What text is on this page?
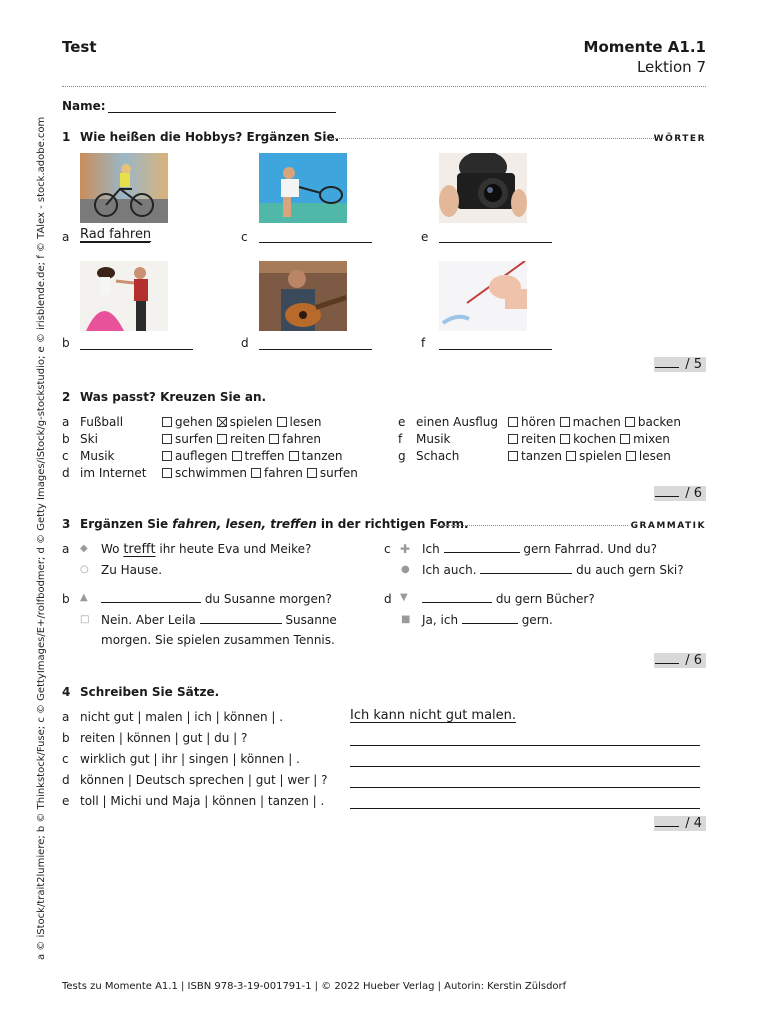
Test	Momente A1.1
Lektion 7
Name:
1 Wie heißen die Hobbys? Ergänzen Sie.	WÖRTER
a Rad fahren	c	e
b	d	f
/ 5
2 Was passt? Kreuzen Sie an.
a Fußball	gehen spielen lesen
b Ski	surfen reiten fahren
c Musik	auflegen treffen tanzen
d im Internet	schwimmen fahren surfen
e einen Ausflug	hören machen backen
f Musik	reiten kochen mixen
g Schach	tanzen spielen lesen
/ 6
3 Ergänzen Sie fahren, lesen, treffen in der richtigen Form.	GRAMMATIK
a ◆ Wo trefft ihr heute Eva und Meike?
○ Zu Hause.
c ✚ Ich	gern Fahrrad. Und du?
● Ich auch.	du auch gern Ski?
b ▲	du Susanne morgen?
□ Nein. Aber Leila	Susanne
morgen. Sie spielen zusammen Tennis.
d ▼	du gern Bücher?
■ Ja, ich	gern.
/ 6
4 Schreiben Sie Sätze.
a nicht gut | malen | ich | können | .	Ich kann nicht gut malen.
b reiten | können | gut | du | ?
c wirklich gut | ihr | singen | können | .
d können | Deutsch sprechen | gut | wer | ?
e toll | Michi und Maja | können | tanzen | .
/ 4
Tests zu Momente A1.1 | ISBN 978-3-19-001791-1 | © 2022 Hueber Verlag | Autorin: Kerstin Zülsdorf
a © iStock/trait2lumiere; b © Thinkstock/Fuse; c © GettyImages/E+/rolfbodmer; d © Getty Images/iStock/g-stockstudio; e © irisblende.de; f © TAlex - stock.adobe.com
